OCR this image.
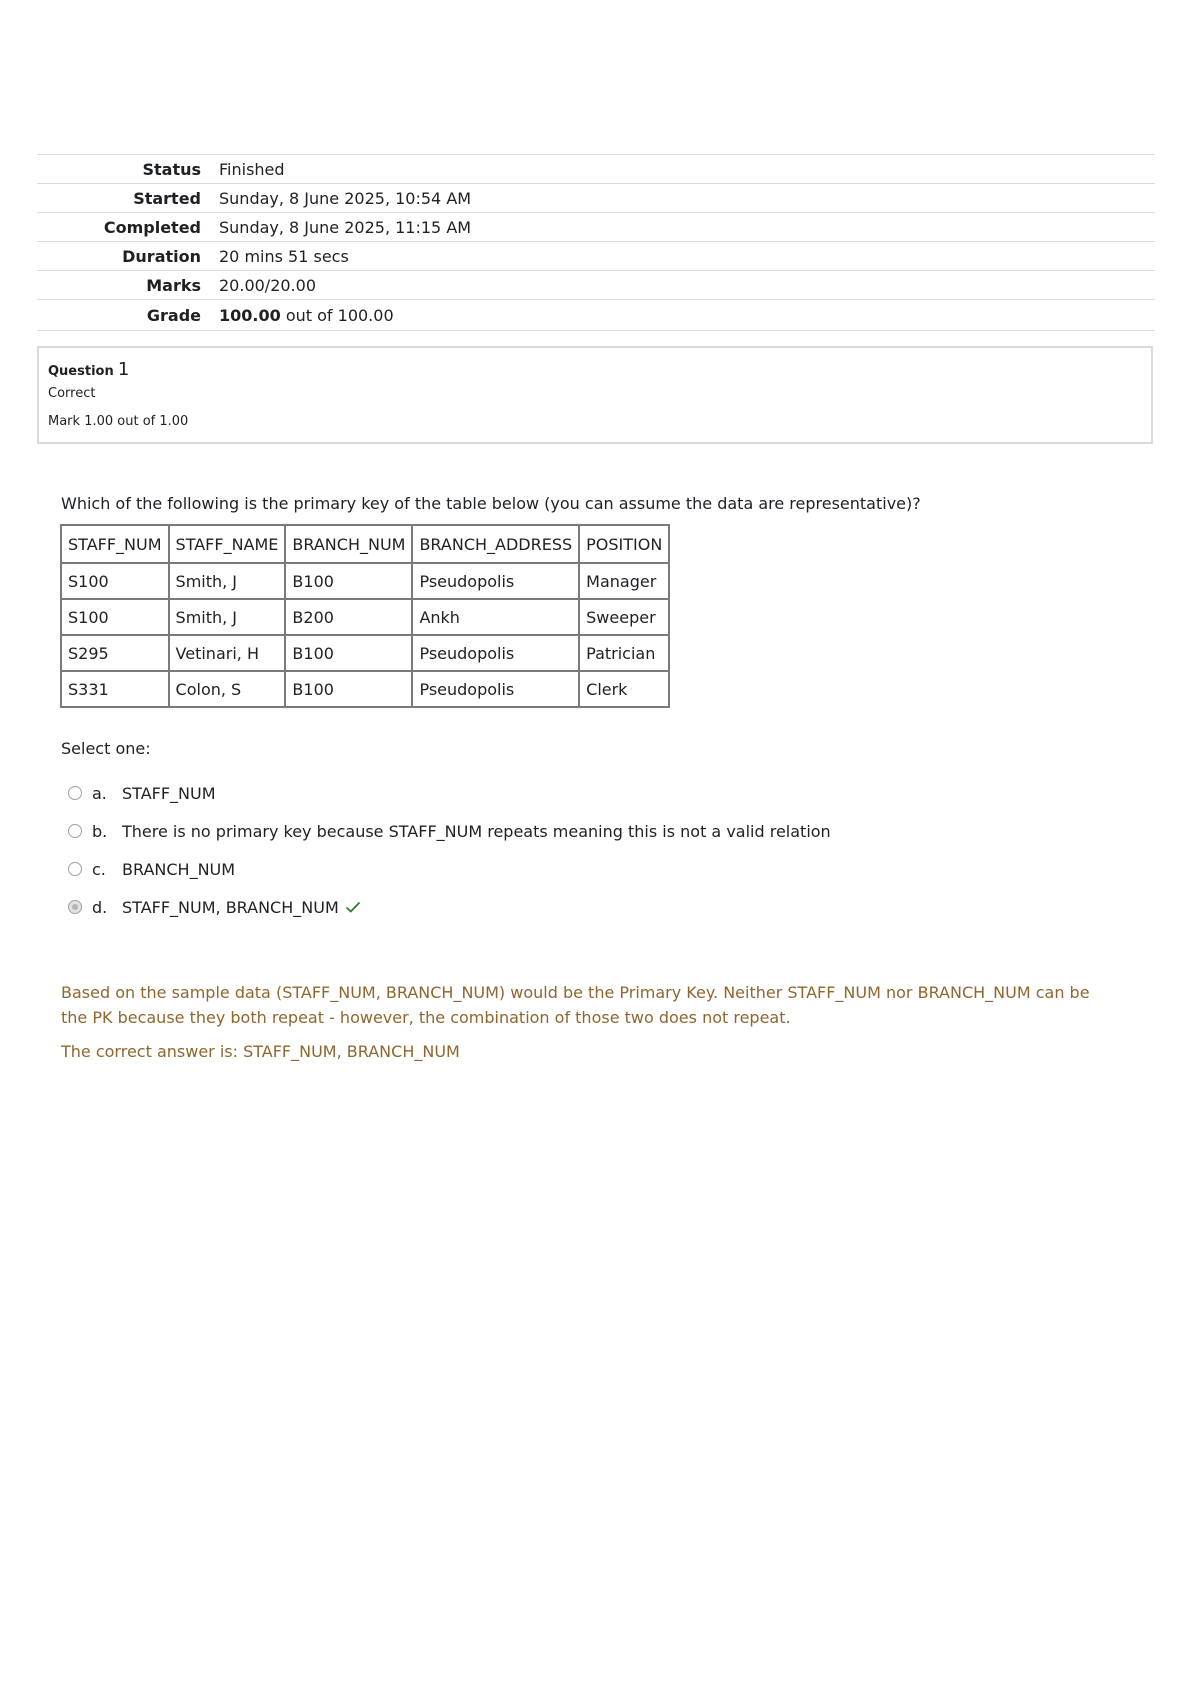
Status	Finished
Started	Sunday, 8 June 2025, 10:54 AM
Completed	Sunday, 8 June 2025, 11:15 AM
Duration	20 mins 51 secs
Marks	20.00/20.00
Grade	100.00 out of 100.00
Question 1
Correct
Mark 1.00 out of 1.00
Which of the following is the primary key of the table below (you can assume the data are representative)?
STAFF_NUM	STAFF_NAME	BRANCH_NUM	BRANCH_ADDRESS	POSITION
S100	Smith, J	B100	Pseudopolis	Manager
S100	Smith, J	B200	Ankh	Sweeper
S295	Vetinari, H	B100	Pseudopolis	Patrician
S331	Colon, S	B100	Pseudopolis	Clerk
Select one:
a. STAFF_NUM
b. There is no primary key because STAFF_NUM repeats meaning this is not a valid relation
c.	BRANCH_NUM
d. STAFF_NUM, BRANCH_NUM
Based on the sample data (STAFF_NUM, BRANCH_NUM) would be the Primary Key. Neither STAFF_NUM nor BRANCH_NUM can be the PK because they both repeat - however, the combination of those two does not repeat.
The correct answer is: STAFF_NUM, BRANCH_NUM
